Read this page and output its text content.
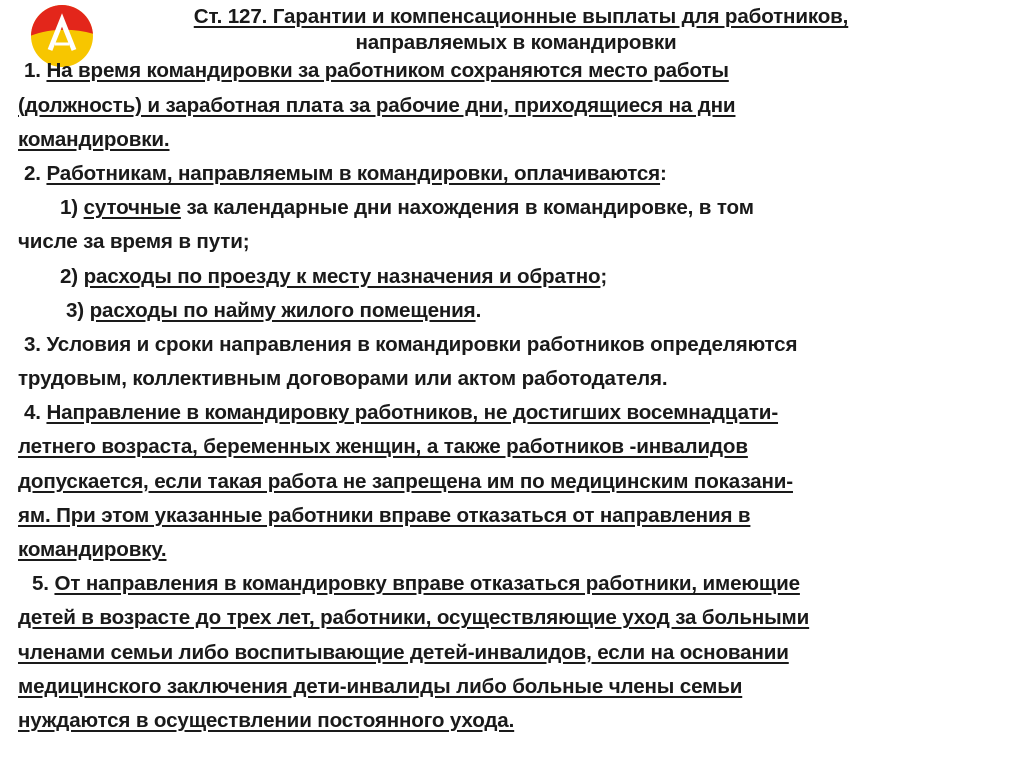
Ст. 127. Гарантии и компенсационные выплаты для работников,
направляемых в командировки
1. На время командировки за работником сохраняются место работы
(должность) и заработная плата за рабочие дни, приходящиеся на дни
командировки.
2. Работникам, направляемым в командировки, оплачиваются:
1) суточные за календарные дни нахождения в командировке, в том
числе за время в пути;
2) расходы по проезду к месту назначения и обратно;
3) расходы по найму жилого помещения.
3. Условия и сроки направления в командировки работников определяются
трудовым, коллективным договорами или актом работодателя.
4. Направление в командировку работников, не достигших восемнадцати-
летнего возраста, беременных женщин, а также работников -инвалидов
допускается, если такая работа не запрещена им по медицинским показани-
ям. При этом указанные работники вправе отказаться от направления в
командировку.
5. От направления в командировку вправе отказаться работники, имеющие
детей в возрасте до трех лет, работники, осуществляющие уход за больными
членами семьи либо воспитывающие детей-инвалидов, если на основании
медицинского заключения дети-инвалиды либо больные члены семьи
нуждаются в осуществлении постоянного ухода.
